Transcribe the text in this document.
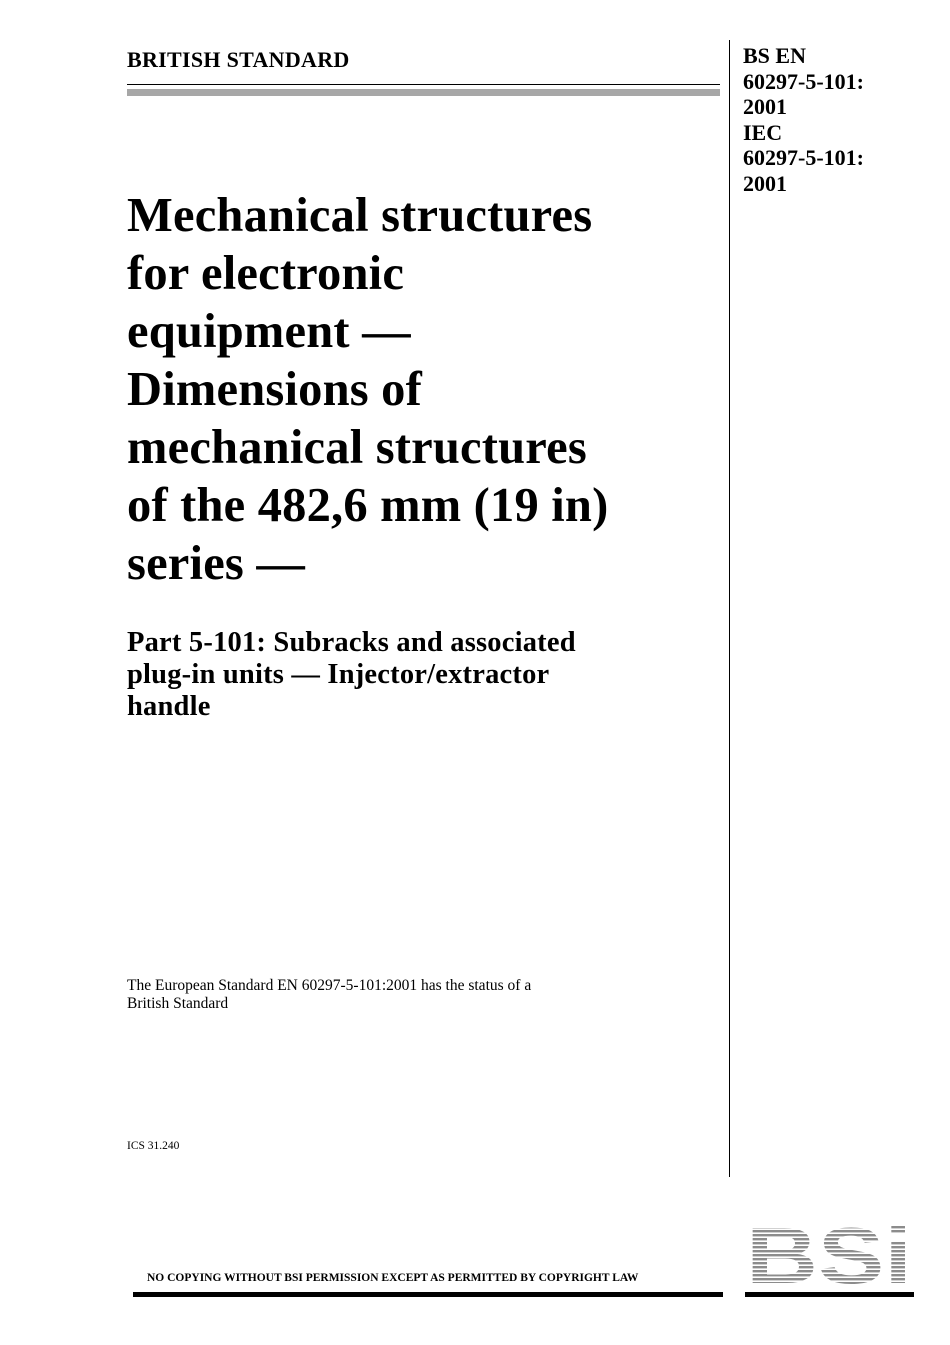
BRITISH STANDARD	BS EN
60297-5-101:
2001
IEC
60297-5-101:
2001
Mechanical structures
for electronic
equipment —
Dimensions of
mechanical structures
of the 482,6 mm (19 in)
series —
Part 5-101: Subracks and associated
plug-in units — Injector/extractor
handle
The European Standard EN 60297-5-101:2001 has the status of a
British Standard
ICS 31.240
NO COPYING WITHOUT BSI PERMISSION EXCEPT AS PERMITTED BY COPYRIGHT LAW BSi
